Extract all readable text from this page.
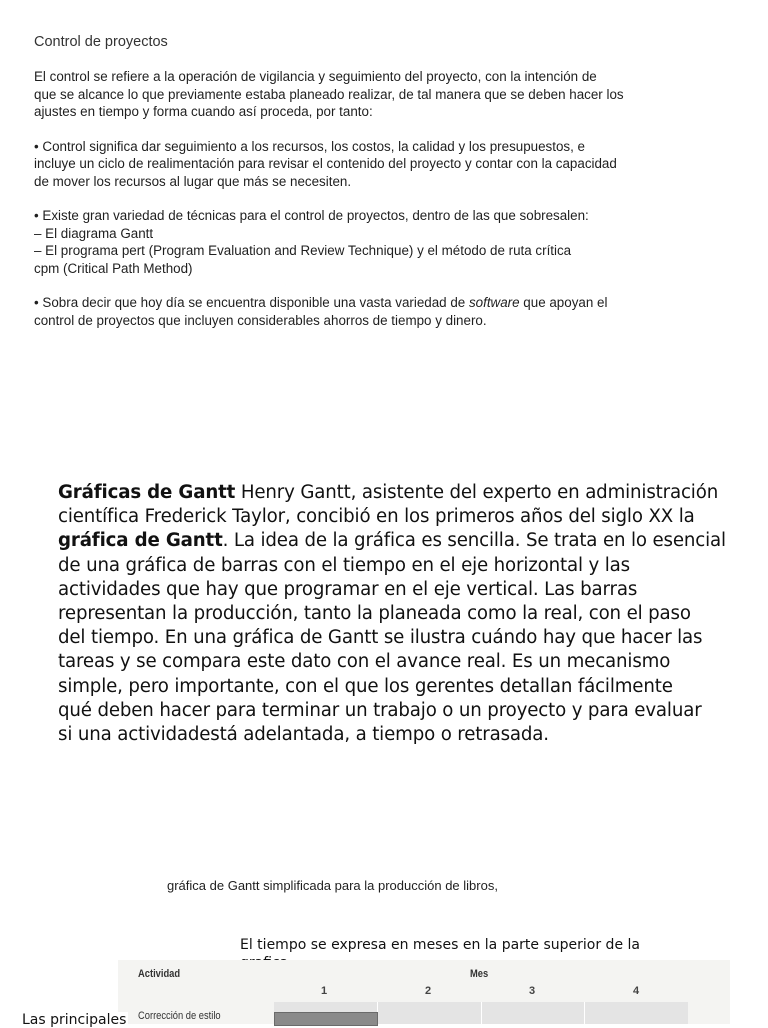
Control de proyectos

El control se refiere a la operación de vigilancia y seguimiento del proyecto, con la intención de
que se alcance lo que previamente estaba planeado realizar, de tal manera que se deben hacer los
ajustes en tiempo y forma cuando así proceda, por tanto:

• Control significa dar seguimiento a los recursos, los costos, la calidad y los presupuestos, e
incluye un ciclo de realimentación para revisar el contenido del proyecto y contar con la capacidad
de mover los recursos al lugar que más se necesiten.

• Existe gran variedad de técnicas para el control de proyectos, dentro de las que sobresalen:
– El diagrama Gantt
– El programa pert (Program Evaluation and Review Technique) y el método de ruta crítica
cpm (Critical Path Method)

• Sobra decir que hoy día se encuentra disponible una vasta variedad de software que apoyan el
control de proyectos que incluyen considerables ahorros de tiempo y dinero.

Gráficas de Gantt Henry Gantt, asistente del experto en administración
científica Frederick Taylor, concibió en los primeros años del siglo XX la
gráfica de Gantt. La idea de la gráfica es sencilla. Se trata en lo esencial
de una gráfica de barras con el tiempo en el eje horizontal y las
actividades que hay que programar en el eje vertical. Las barras
representan la producción, tanto la planeada como la real, con el paso
del tiempo. En una gráfica de Gantt se ilustra cuándo hay que hacer las
tareas y se compara este dato con el avance real. Es un mecanismo
simple, pero importante, con el que los gerentes detallan fácilmente
qué deben hacer para terminar un trabajo o un proyecto y para evaluar
si una actividadestá adelantada, a tiempo o retrasada.
gráfica de Gantt simplificada para la producción de libros,
El tiempo se expresa en meses en la parte superior de la
Actividad	Mes
1	2	3	4
Corrección de estilo
Las principales
